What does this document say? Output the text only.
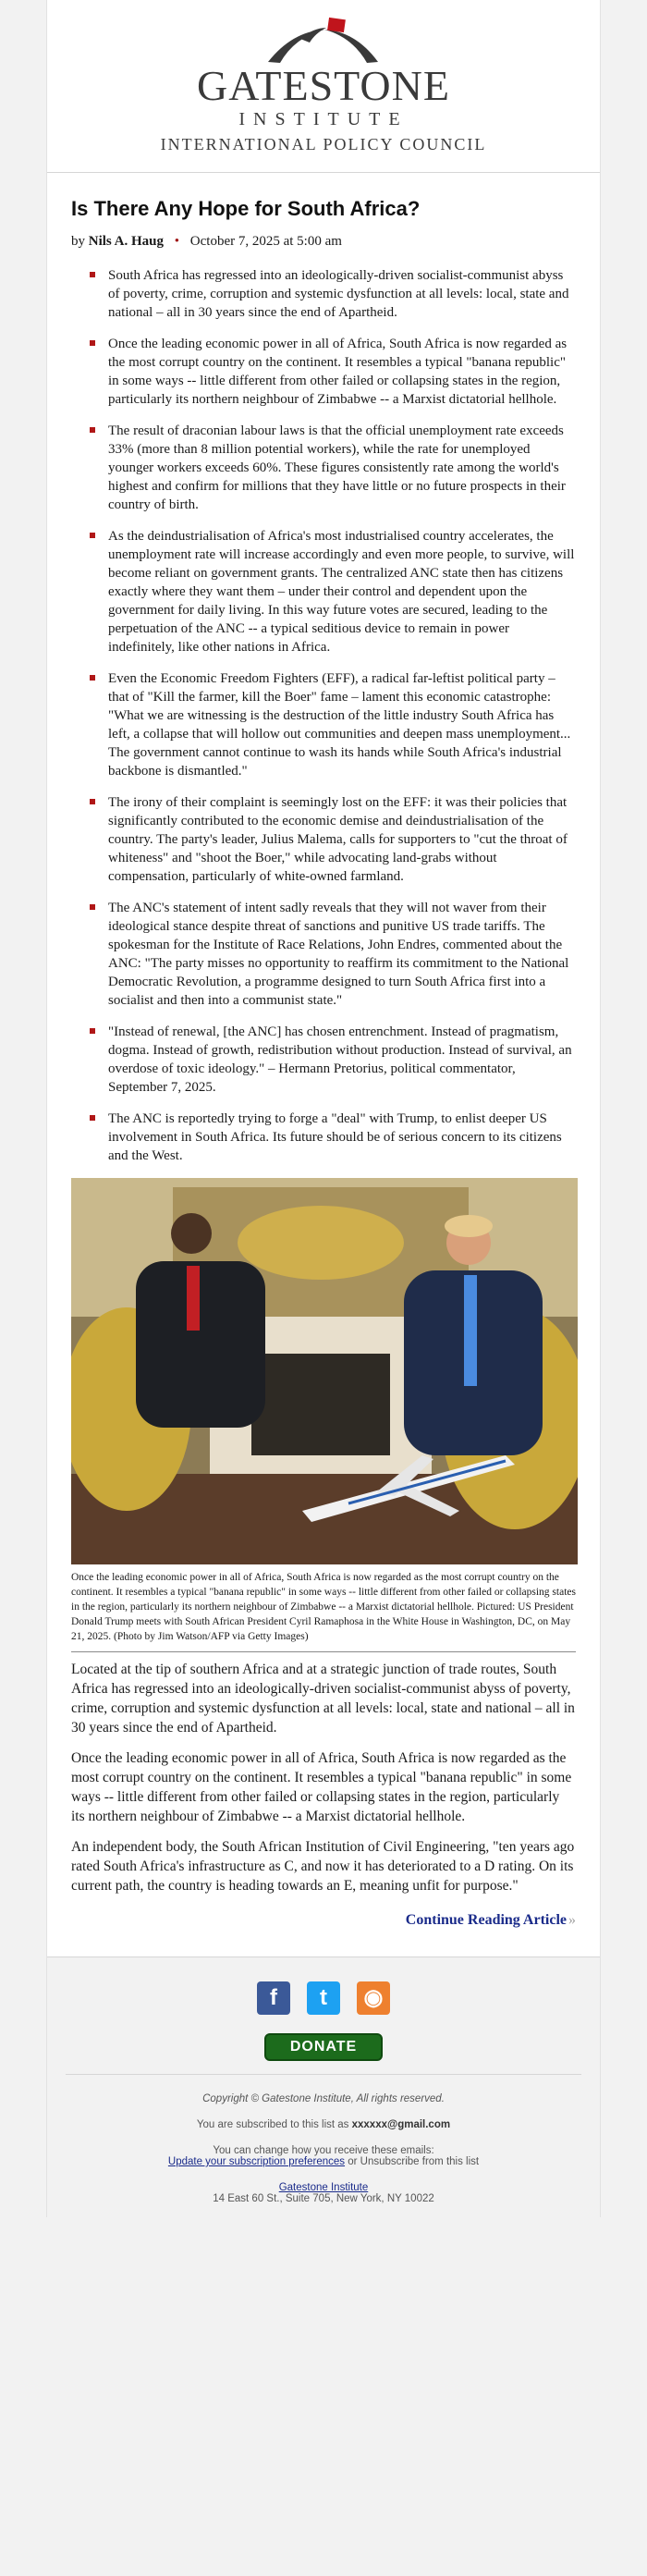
GATESTONE
INSTITUTE
INTERNATIONAL POLICY COUNCIL
Is There Any Hope for South Africa?
by Nils A. Haug • October 7, 2025 at 5:00 am
South Africa has regressed into an ideologically-driven socialist-communist abyss of poverty, crime, corruption and systemic dysfunction at all levels: local, state and national – all in 30 years since the end of Apartheid.
Once the leading economic power in all of Africa, South Africa is now regarded as the most corrupt country on the continent. It resembles a typical "banana republic" in some ways -- little different from other failed or collapsing states in the region, particularly its northern neighbour of Zimbabwe -- a Marxist dictatorial hellhole.
The result of draconian labour laws is that the official unemployment rate exceeds 33% (more than 8 million potential workers), while the rate for unemployed younger workers exceeds 60%. These figures consistently rate among the world's highest and confirm for millions that they have little or no future prospects in their country of birth.
As the deindustrialisation of Africa's most industrialised country accelerates, the unemployment rate will increase accordingly and even more people, to survive, will become reliant on government grants. The centralized ANC state then has citizens exactly where they want them – under their control and dependent upon the government for daily living. In this way future votes are secured, leading to the perpetuation of the ANC -- a typical seditious device to remain in power indefinitely, like other nations in Africa.
Even the Economic Freedom Fighters (EFF), a radical far-leftist political party – that of "Kill the farmer, kill the Boer" fame – lament this economic catastrophe: "What we are witnessing is the destruction of the little industry South Africa has left, a collapse that will hollow out communities and deepen mass unemployment... The government cannot continue to wash its hands while South Africa's industrial backbone is dismantled."
The irony of their complaint is seemingly lost on the EFF: it was their policies that significantly contributed to the economic demise and deindustrialisation of the country. The party's leader, Julius Malema, calls for supporters to "cut the throat of whiteness" and "shoot the Boer," while advocating land-grabs without compensation, particularly of white-owned farmland.
The ANC's statement of intent sadly reveals that they will not waver from their ideological stance despite threat of sanctions and punitive US trade tariffs. The spokesman for the Institute of Race Relations, John Endres, commented about the ANC: "The party misses no opportunity to reaffirm its commitment to the National Democratic Revolution, a programme designed to turn South Africa first into a socialist and then into a communist state."
"Instead of renewal, [the ANC] has chosen entrenchment. Instead of pragmatism, dogma. Instead of growth, redistribution without production. Instead of survival, an overdose of toxic ideology." – Hermann Pretorius, political commentator, September 7, 2025.
The ANC is reportedly trying to forge a "deal" with Trump, to enlist deeper US involvement in South Africa. Its future should be of serious concern to its citizens and the West.
Once the leading economic power in all of Africa, South Africa is now regarded as the most corrupt country on the continent. It resembles a typical "banana republic" in some ways -- little different from other failed or collapsing states in the region, particularly its northern neighbour of Zimbabwe -- a Marxist dictatorial hellhole. Pictured: US President Donald Trump meets with South African President Cyril Ramaphosa in the White House in Washington, DC, on May 21, 2025. (Photo by Jim Watson/AFP via Getty Images)

Located at the tip of southern Africa and at a strategic junction of trade routes, South Africa has regressed into an ideologically-driven socialist-communist abyss of poverty, crime, corruption and systemic dysfunction at all levels: local, state and national – all in 30 years since the end of Apartheid.

Once the leading economic power in all of Africa, South Africa is now regarded as the most corrupt country on the continent. It resembles a typical "banana republic" in some ways -- little different from other failed or collapsing states in the region, particularly its northern neighbour of Zimbabwe -- a Marxist dictatorial hellhole.

An independent body, the South African Institution of Civil Engineering, "ten years ago rated South Africa's infrastructure as C, and now it has deteriorated to a D rating. On its current path, the country is heading towards an E, meaning unfit for purpose."

Continue Reading Article »
f	t	◉
DONATE
Copyright © Gatestone Institute, All rights reserved.
You are subscribed to this list as xxxxxx@gmail.com
You can change how you receive these emails:
Update your subscription preferences or Unsubscribe from this list
Gatestone Institute
14 East 60 St., Suite 705, New York, NY 10022
